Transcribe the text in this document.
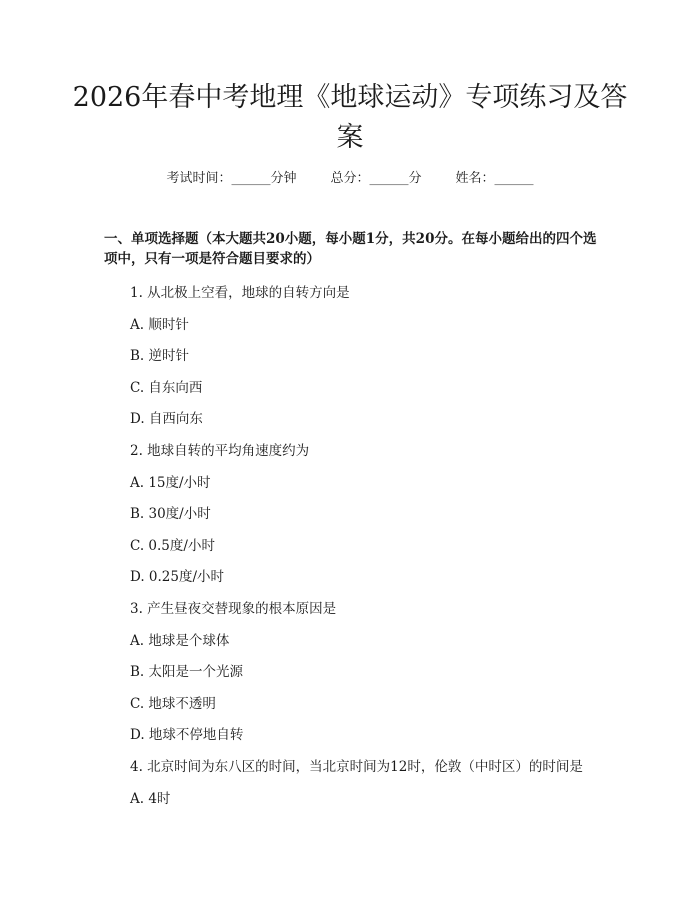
2026年春中考地理《地球运动》专项练习及答案
考试时间：______分钟	总分：______分	姓名：______

一、单项选择题（本大题共20小题，每小题1分，共20分。在每小题给出的四个选项中，只有一项是符合题目要求的）

1. 从北极上空看，地球的自转方向是
A. 顺时针
B. 逆时针
C. 自东向西
D. 自西向东
2. 地球自转的平均角速度约为
A. 15度/小时
B. 30度/小时
C. 0.5度/小时
D. 0.25度/小时
3. 产生昼夜交替现象的根本原因是
A. 地球是个球体
B. 太阳是一个光源
C. 地球不透明
D. 地球不停地自转
4. 北京时间为东八区的时间，当北京时间为12时，伦敦（中时区）的时间是
A. 4时
